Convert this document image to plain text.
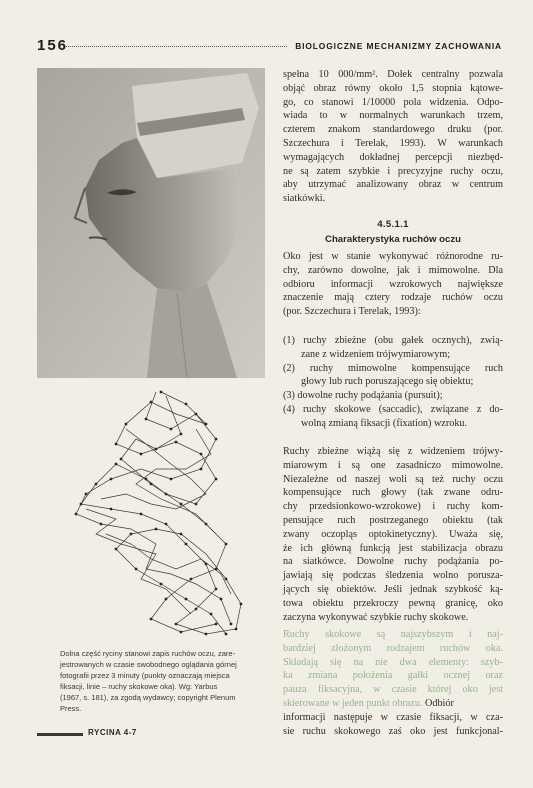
156	BIOLOGICZNE MECHANIZMY ZACHOWANIA
Dolna część ryciny stanowi zapis ruchów oczu, zare-
jestrowanych w czasie swobodnego oglądania górnej
fotografii przez 3 minuty (punkty oznaczają miejsca
fiksacji, linie – ruchy skokowe oka). Wg: Yarbus
(1967, s. 181), za zgodą wydawcy; copyright Plenum
Press.
RYCINA 4-7
spełna 10 000/mm². Dołek centralny pozwala
objąć obraz równy około 1,5 stopnia kątowe-
go, co stanowi 1/10000 pola widzenia. Odpo-
wiada to w normalnych warunkach trzem,
czterem znakom standardowego druku (por.
Szczechura i Terelak, 1993). W warunkach
wymagających dokładnej percepcji niezbęd-
ne są zatem szybkie i precyzyjne ruchy oczu,
aby utrzymać analizowany obraz w centrum
siatkówki.
4.5.1.1
Charakterystyka ruchów oczu
Oko jest w stanie wykonywać różnorodne ru-
chy, zarówno dowolne, jak i mimowolne. Dla
odbioru informacji wzrokowych największe
znaczenie mają cztery rodzaje ruchów oczu
(por. Szczechura i Terelak, 1993):
(1) ruchy zbieżne (obu gałek ocznych), zwią-
zane z widzeniem trójwymiarowym;
(2) ruchy mimowolne kompensujące ruch
głowy lub ruch poruszającego się obiektu;
(3) dowolne ruchy podążania (pursuit);
(4) ruchy skokowe (saccadic), związane z do-
wolną zmianą fiksacji (fixation) wzroku.
Ruchy zbieżne wiążą się z widzeniem trójwy-
miarowym i są one zasadniczo mimowolne.
Niezależne od naszej woli są też ruchy oczu
kompensujące ruch głowy (tak zwane odru-
chy przedsionkowo-wzrokowe) i ruchy kom-
pensujące ruch postrzeganego obiektu (tak
zwany oczopląs optokinetyczny). Uważa się,
że ich główną funkcją jest stabilizacja obrazu
na siatkówce. Dowolne ruchy podążania po-
jawiają się podczas śledzenia wolno porusza-
jących się obiektów. Jeśli jednak szybkość ką-
towa obiektu przekroczy pewną granicę, oko
zaczyna wykonywać szybkie ruchy skokowe.
Ruchy skokowe są najszybszym i naj-
bardziej złożonym rodzajem ruchów oka.
Składają się na nie dwa elementy: szyb-
ka zmiana położenia gałki ocznej oraz
pauza fiksacyjna, w czasie której oko jest
skierowane w jeden punkt obrazu. Odbiór
informacji następuje w czasie fiksacji, w cza-
sie ruchu skokowego zaś oko jest funkcjonal-
